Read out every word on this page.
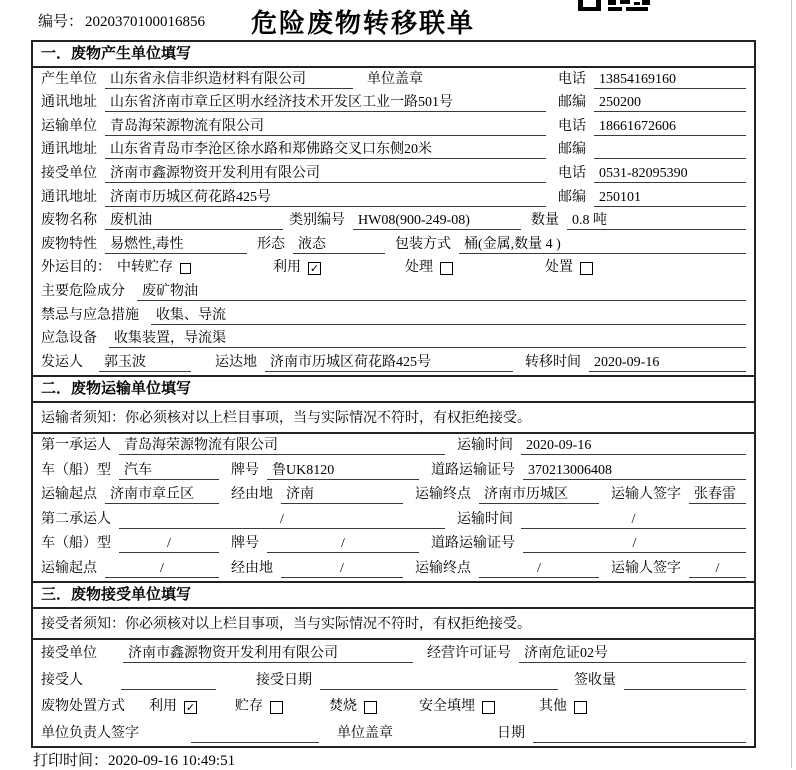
编号： 2020370100016856	危险废物转移联单
一．废物产生单位填写
产生单位 山东省永信非织造材料有限公司	单位盖章	电话 13854169160
通讯地址 山东省济南市章丘区明水经济技术开发区工业一路501号	邮编 250200
运输单位 青岛海荣源物流有限公司	电话 18661672606
通讯地址 山东省青岛市李沧区徐水路和郑佛路交叉口东侧20米	邮编
接受单位 济南市鑫源物资开发利用有限公司	电话 0531-82095390
通讯地址 济南市历城区荷花路425号	邮编 250101
废物名称 废机油	类别编号 HW08(900-249-08)	数量 0.8 吨
废物特性 易燃性,毒性	形态 液态	包装方式 桶(金属,数量 4 )
外运目的： 中转贮存	利用 ✓	处理	处置
主要危险成分	废矿物油
禁忌与应急措施	收集、导流
应急设备	收集装置，导流渠
发运人	郭玉波	运达地 济南市历城区荷花路425号	转移时间 2020-09-16
二．废物运输单位填写
运输者须知：你必须核对以上栏目事项，当与实际情况不符时，有权拒绝接受。
第一承运人 青岛海荣源物流有限公司	运输时间 2020-09-16
车（船）型 汽车	牌号 鲁UK8120	道路运输证号 370213006408
运输起点 济南市章丘区	经由地 济南	运输终点 济南市历城区	运输人签字 张春雷
第二承运人	/	运输时间	/
车（船）型	/	牌号	/	道路运输证号	/
运输起点	/	经由地	/	运输终点	/	运输人签字	/
三．废物接受单位填写
接受者须知：你必须核对以上栏目事项，当与实际情况不符时，有权拒绝接受。
接受单位	济南市鑫源物资开发利用有限公司	经营许可证号 济南危证02号
接受人	接受日期	签收量
废物处置方式 利用 ✓	贮存	焚烧	安全填埋	其他
单位负责人签字	单位盖章	日期
打印时间：2020-09-16 10:49:51
